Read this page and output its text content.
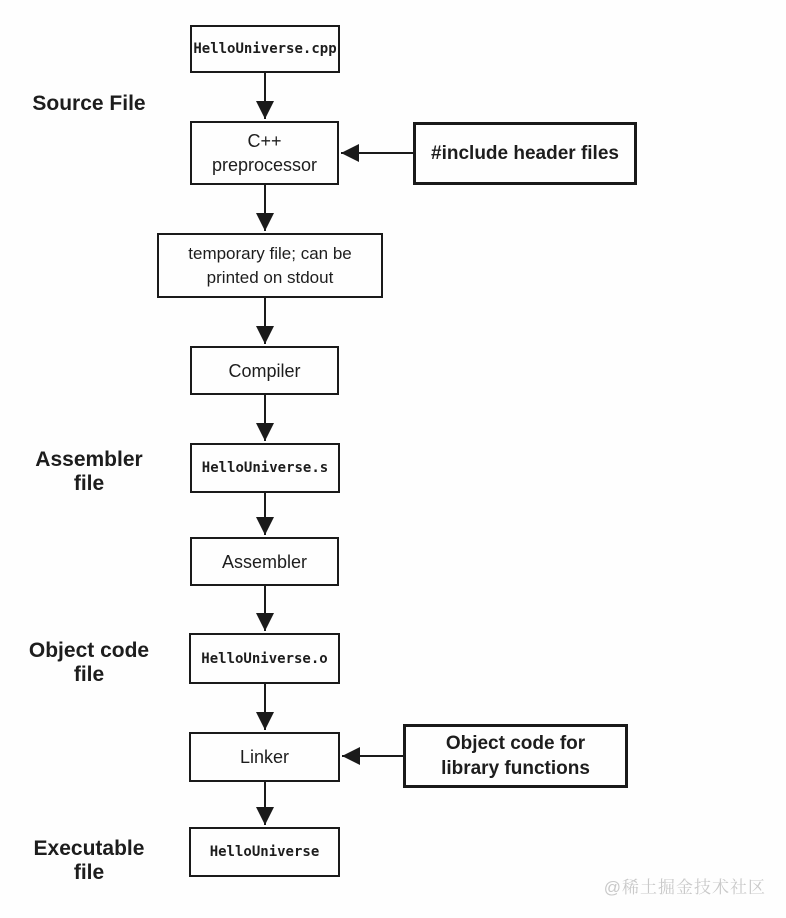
Source File
Assembler
file
Object code
file
Executable
file
HelloUniverse.cpp
C++ preprocessor
temporary file; can be printed on stdout
Compiler
HelloUniverse.s
Assembler
HelloUniverse.o
Linker
HelloUniverse
#include header files
Object code for library functions
@稀土掘金技术社区
